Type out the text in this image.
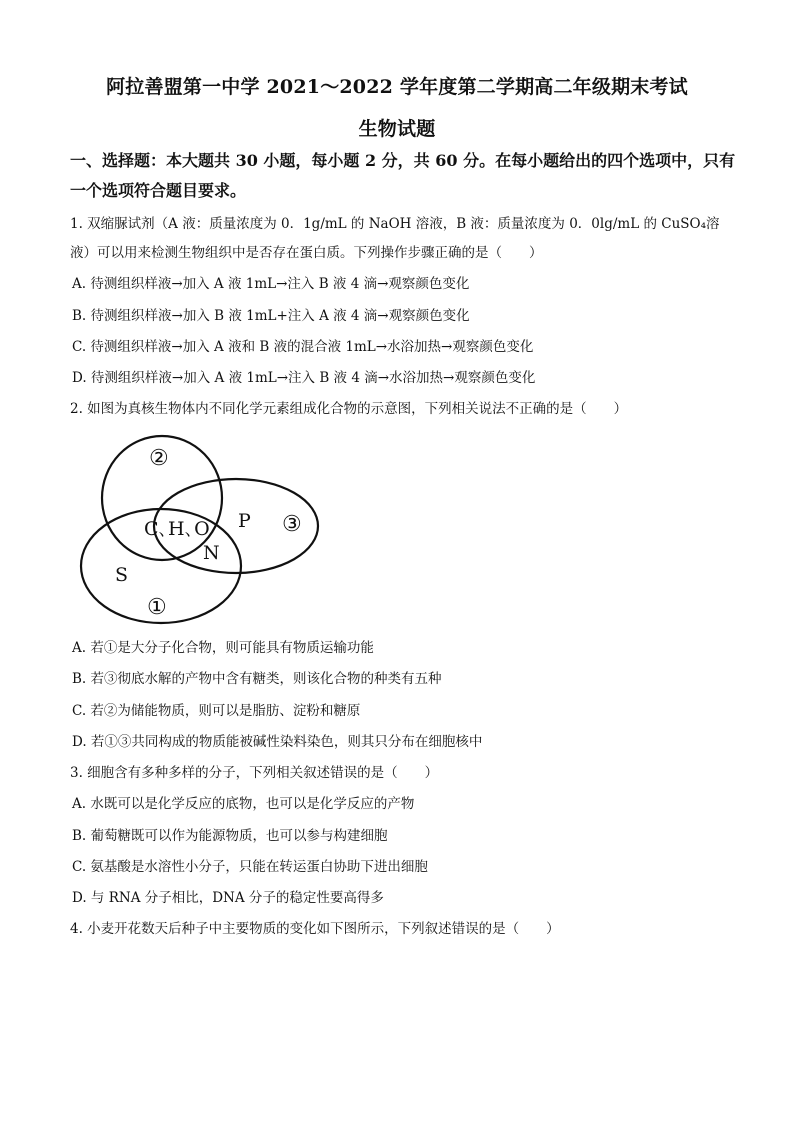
阿拉善盟第一中学 2021～2022 学年度第二学期高二年级期末考试
生物试题
一、选择题：本大题共 30 小题，每小题 2 分，共 60 分。在每小题给出的四个选项中，只有
一个选项符合题目要求。
1. 双缩脲试剂（A 液：质量浓度为 0．1g/mL 的 NaOH 溶液，B 液：质量浓度为 0．0lg/mL 的 CuSO₄溶
液）可以用来检测生物组织中是否存在蛋白质。下列操作步骤正确的是（　　）
A. 待测组织样液→加入 A 液 1mL→注入 B 液 4 滴→观察颜色变化
B. 待测组织样液→加入 B 液 1mL+注入 A 液 4 滴→观察颜色变化
C. 待测组织样液→加入 A 液和 B 液的混合液 1mL→水浴加热→观察颜色变化
D. 待测组织样液→加入 A 液 1mL→注入 B 液 4 滴→水浴加热→观察颜色变化
2. 如图为真核生物体内不同化学元素组成化合物的示意图，下列相关说法不正确的是（　　）
②
③
①
C､H､O P
N
S
A. 若①是大分子化合物，则可能具有物质运输功能
B. 若③彻底水解的产物中含有糖类，则该化合物的种类有五种
C. 若②为储能物质，则可以是脂肪、淀粉和糖原
D. 若①③共同构成的物质能被碱性染料染色，则其只分布在细胞核中
3. 细胞含有多种多样的分子，下列相关叙述错误的是（　　）
A. 水既可以是化学反应的底物，也可以是化学反应的产物
B. 葡萄糖既可以作为能源物质，也可以参与构建细胞
C. 氨基酸是水溶性小分子，只能在转运蛋白协助下进出细胞
D. 与 RNA 分子相比，DNA 分子的稳定性要高得多
4. 小麦开花数天后种子中主要物质的变化如下图所示，下列叙述错误的是（　　）
